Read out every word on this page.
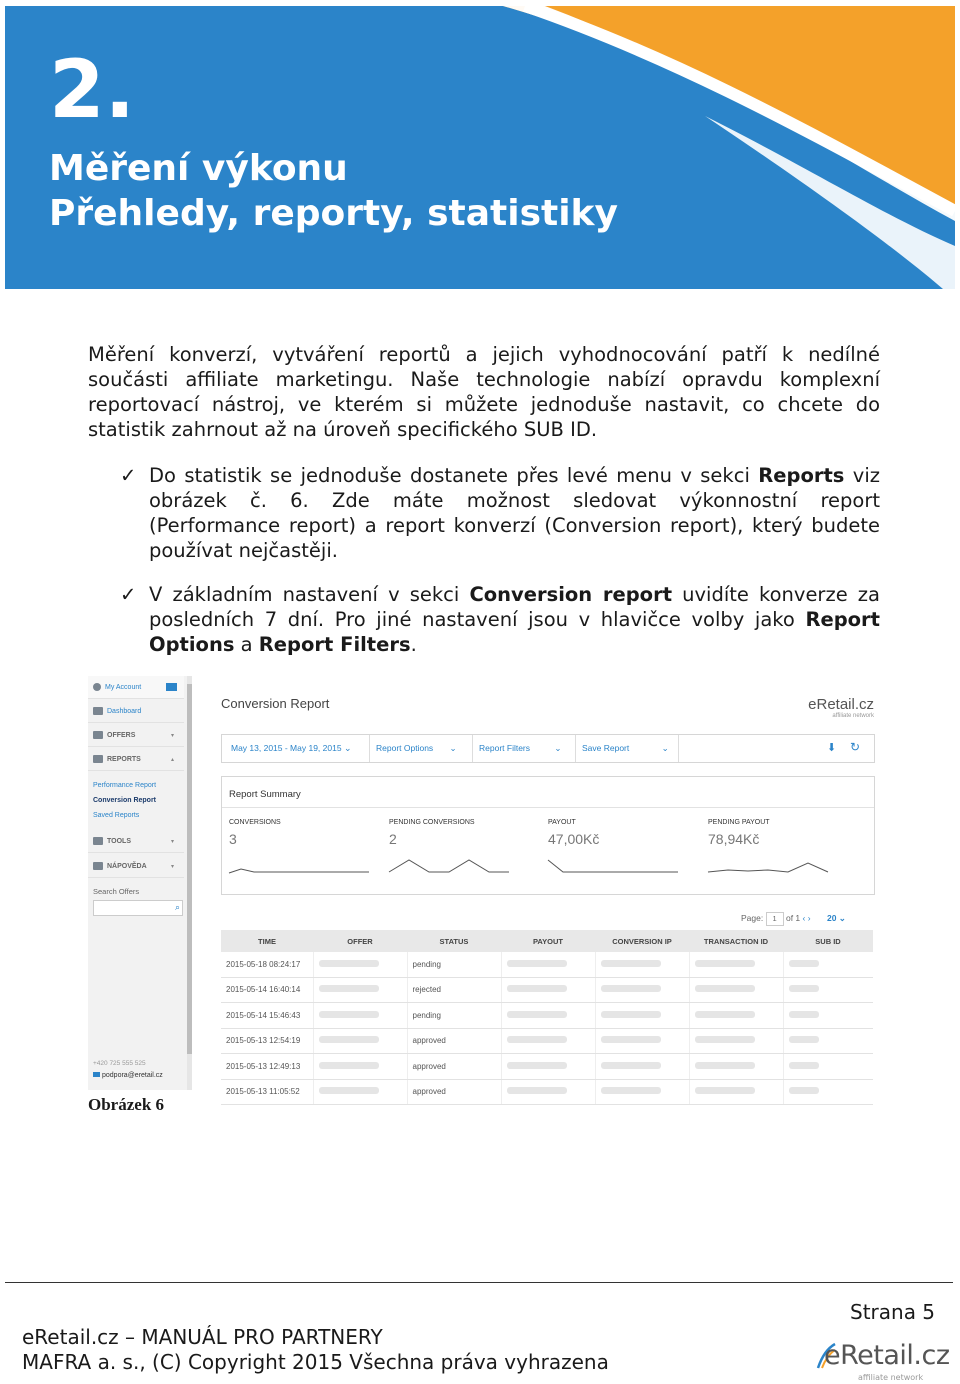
2.
Měření výkonu
Přehledy, reporty, statistiky
Měření konverzí, vytváření reportů a jejich vyhodnocování patří k nedílné součásti affiliate marketingu. Naše technologie nabízí opravdu komplexní reportovací nástroj, ve kterém si můžete jednoduše nastavit, co chcete do statistik zahrnout až na úroveň specifického SUB ID.
✓ Do statistik se jednoduše dostanete přes levé menu v sekci Reports viz obrázek č. 6. Zde máte možnost sledovat výkonnostní report (Performance report) a report konverzí (Conversion report), který budete používat nejčastěji.
✓ V základním nastavení v sekci Conversion report uvidíte konverze za posledních 7 dní. Pro jiné nastavení jsou v hlavičce volby jako Report Options a Report Filters.
My Account
Dashboard
OFFERS	▾
REPORTS	▴
Performance Report
Conversion Report
Saved Reports
TOOLS	▾
NÁPOVĚDA	▾
Search Offers
⌕
+420 725 555 525
podpora@eretail.cz
Conversion Report	eRetail.cz
affiliate network
May 13, 2015 - May 19, 2015 ⌄	Report Options ⌄	Report Filters	⌄ Save Report	⌄	⬇ ↻
Report Summary
CONVERSIONS
3
PENDING CONVERSIONS
2
PAYOUT
47,00Kč
PENDING PAYOUT
78,94Kč
Page: 1 of 1 ‹ › 20 ⌄
TIME	OFFER	STATUS	PAYOUT	CONVERSION IP	TRANSACTION ID	SUB ID
2015-05-18 08:24:17		pending				
2015-05-14 16:40:14		rejected				
2015-05-14 15:46:43		pending				
2015-05-13 12:54:19		approved				
2015-05-13 12:49:13		approved				
2015-05-13 11:05:52		approved				
Obrázek 6
Strana 5
eRetail.cz – MANUÁL PRO PARTNERY
MAFRA a. s., (C) Copyright 2015 Všechna práva vyhrazena	eRetail.cz
affiliate network
